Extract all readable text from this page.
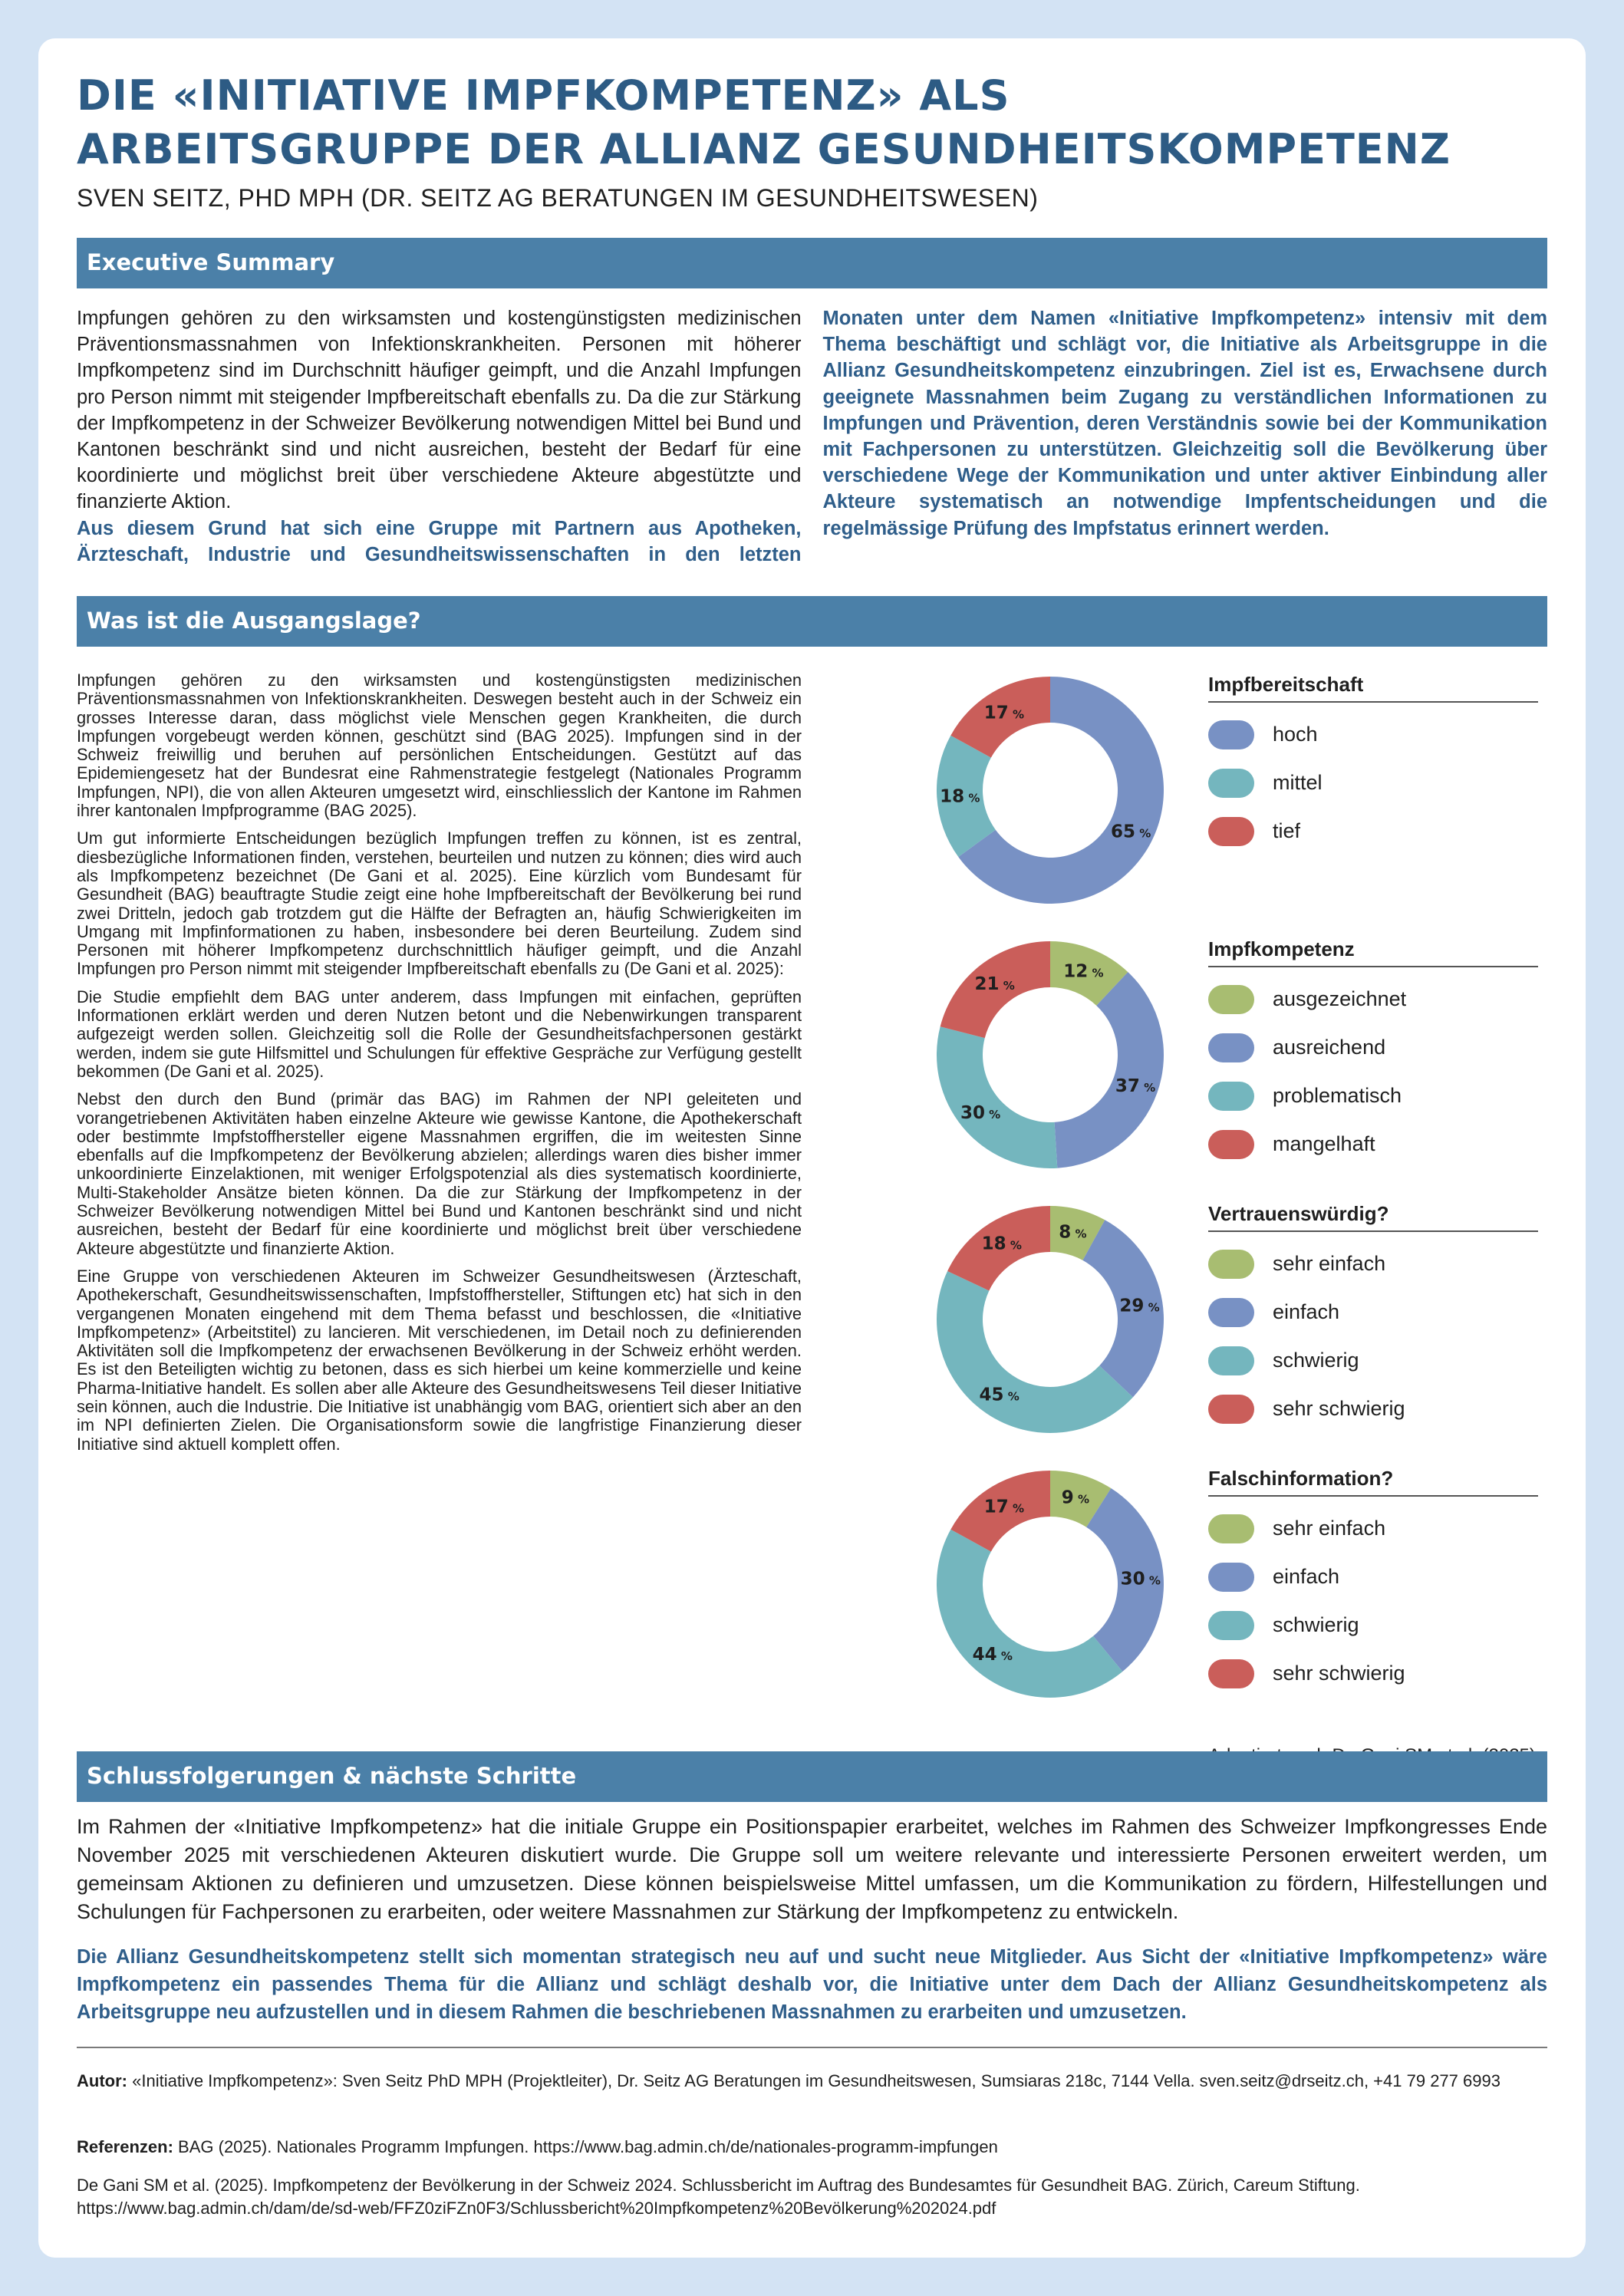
DIE «INITIATIVE IMPFKOMPETENZ» ALS
ARBEITSGRUPPE DER ALLIANZ GESUNDHEITSKOMPETENZ
SVEN SEITZ, PHD MPH (DR. SEITZ AG BERATUNGEN IM GESUNDHEITSWESEN)
Executive Summary
Impfungen gehören zu den wirksamsten und kostengünstigsten medizinischen Präventionsmassnahmen von Infektionskrankheiten. Personen mit höherer Impfkompetenz sind im Durchschnitt häufiger geimpft, und die Anzahl Impfungen pro Person nimmt mit steigender Impfbereitschaft ebenfalls zu. Da die zur Stärkung der Impfkompetenz in der Schweizer Bevölkerung notwendigen Mittel bei Bund und Kantonen beschränkt sind und nicht ausreichen, besteht der Bedarf für eine koordinierte und möglichst breit über verschiedene Akteure abgestützte und finanzierte Aktion.
Aus diesem Grund hat sich eine Gruppe mit Partnern aus Apotheken, Ärzteschaft, Industrie und Gesundheitswissenschaften in den letzten Monaten unter dem Namen «Initiative Impfkompetenz» intensiv mit dem Thema beschäftigt und schlägt vor, die Initiative als Arbeitsgruppe in die Allianz Gesundheitskompetenz einzubringen. Ziel ist es, Erwachsene durch geeignete Massnahmen beim Zugang zu verständlichen Informationen zu Impfungen und Prävention, deren Verständnis sowie bei der Kommunikation mit Fachpersonen zu unterstützen. Gleichzeitig soll die Bevölkerung über verschiedene Wege der Kommunikation und unter aktiver Einbindung aller Akteure systematisch an notwendige Impfentscheidungen und die regelmässige Prüfung des Impfstatus erinnert werden.
Was ist die Ausgangslage?

Impfungen gehören zu den wirksamsten und kostengünstigsten medizinischen Präventionsmassnahmen von Infektionskrankheiten. Deswegen besteht auch in der Schweiz ein grosses Interesse daran, dass möglichst viele Menschen gegen Krankheiten, die durch Impfungen vorgebeugt werden können, geschützt sind (BAG 2025). Impfungen sind in der Schweiz freiwillig und beruhen auf persönlichen Entscheidungen. Gestützt auf das Epidemiengesetz hat der Bundesrat eine Rahmenstrategie festgelegt (Nationales Programm Impfungen, NPI), die von allen Akteuren umgesetzt wird, einschliesslich der Kantone im Rahmen ihrer kantonalen Impfprogramme (BAG 2025).

Um gut informierte Entscheidungen bezüglich Impfungen treffen zu können, ist es zentral, diesbezügliche Informationen finden, verstehen, beurteilen und nutzen zu können; dies wird auch als Impfkompetenz bezeichnet (De Gani et al. 2025). Eine kürzlich vom Bundesamt für Gesundheit (BAG) beauftragte Studie zeigt eine hohe Impfbereitschaft der Bevölkerung bei rund zwei Dritteln, jedoch gab trotzdem gut die Hälfte der Befragten an, häufig Schwierigkeiten im Umgang mit Impfinformationen zu haben, insbesondere bei deren Beurteilung. Zudem sind Personen mit höherer Impfkompetenz durchschnittlich häufiger geimpft, und die Anzahl Impfungen pro Person nimmt mit steigender Impfbereitschaft ebenfalls zu (De Gani et al. 2025):

Die Studie empfiehlt dem BAG unter anderem, dass Impfungen mit einfachen, geprüften Informationen erklärt werden und deren Nutzen betont und die Nebenwirkungen transparent aufgezeigt werden sollen. Gleichzeitig soll die Rolle der Gesundheitsfachpersonen gestärkt werden, indem sie gute Hilfsmittel und Schulungen für effektive Gespräche zur Verfügung gestellt bekommen (De Gani et al. 2025).

Nebst den durch den Bund (primär das BAG) im Rahmen der NPI geleiteten und vorangetriebenen Aktivitäten haben einzelne Akteure wie gewisse Kantone, die Apothekerschaft oder bestimmte Impfstoffhersteller eigene Massnahmen ergriffen, die im weitesten Sinne ebenfalls auf die Impfkompetenz der Bevölkerung abzielen; allerdings waren dies bisher immer unkoordinierte Einzelaktionen, mit weniger Erfolgspotenzial als dies systematisch koordinierte, Multi-Stakeholder Ansätze bieten können. Da die zur Stärkung der Impfkompetenz in der Schweizer Bevölkerung notwendigen Mittel bei Bund und Kantonen beschränkt sind und nicht ausreichen, besteht der Bedarf für eine koordinierte und möglichst breit über verschiedene Akteure abgestützte und finanzierte Aktion.

Eine Gruppe von verschiedenen Akteuren im Schweizer Gesundheitswesen (Ärzteschaft, Apothekerschaft, Gesundheitswissenschaften, Impfstoffhersteller, Stiftungen etc) hat sich in den vergangenen Monaten eingehend mit dem Thema befasst und beschlossen, die «Initiative Impfkompetenz» (Arbeitstitel) zu lancieren. Mit verschiedenen, im Detail noch zu definierenden Aktivitäten soll die Impfkompetenz der erwachsenen Bevölkerung in der Schweiz erhöht werden. Es ist den Beteiligten wichtig zu betonen, dass es sich hierbei um keine kommerzielle und keine Pharma-Initiative handelt. Es sollen aber alle Akteure des Gesundheitswesens Teil dieser Initiative sein können, auch die Industrie. Die Initiative ist unabhängig vom BAG, orientiert sich aber an den im NPI definierten Zielen. Die Organisationsform sowie die langfristige Finanzierung dieser Initiative sind aktuell komplett offen.

65 %
18 %
17 %
12 %
37 %
30 %
21 %
8 %
29 %
45 %
18 %
9 %
30 %
44 %
17 %
Impfbereitschaft
hoch
mittel
tief
Impfkompetenz
ausgezeichnet
ausreichend
problematisch
mangelhaft
Vertrauenswürdig?
sehr einfach
einfach
schwierig
sehr schwierig
Falschinformation?
sehr einfach
einfach
schwierig
sehr schwierig
Schlussfolgerungen & nächste Schritte
Im Rahmen der «Initiative Impfkompetenz» hat die initiale Gruppe ein Positionspapier erarbeitet, welches im Rahmen des Schweizer Impfkongresses Ende November 2025 mit verschiedenen Akteuren diskutiert wurde. Die Gruppe soll um weitere relevante und interessierte Personen erweitert werden, um gemeinsam Aktionen zu definieren und umzusetzen. Diese können beispielsweise Mittel umfassen, um die Kommunikation zu fördern, Hilfestellungen und Schulungen für Fachpersonen zu erarbeiten, oder weitere Massnahmen zur Stärkung der Impfkompetenz zu entwickeln.
Die Allianz Gesundheitskompetenz stellt sich momentan strategisch neu auf und sucht neue Mitglieder. Aus Sicht der «Initiative Impfkompetenz» wäre Impfkompetenz ein passendes Thema für die Allianz und schlägt deshalb vor, die Initiative unter dem Dach der Allianz Gesundheitskompetenz als Arbeitsgruppe neu aufzustellen und in diesem Rahmen die beschriebenen Massnahmen zu erarbeiten und umzusetzen.
Autor: «Initiative Impfkompetenz»: Sven Seitz PhD MPH (Projektleiter), Dr. Seitz AG Beratungen im Gesundheitswesen, Sumsiaras 218c, 7144 Vella. sven.seitz@drseitz.ch, +41 79 277 6993
Referenzen: BAG (2025). Nationales Programm Impfungen. https://www.bag.admin.ch/de/nationales-programm-impfungen
De Gani SM et al. (2025). Impfkompetenz der Bevölkerung in der Schweiz 2024. Schlussbericht im Auftrag des Bundesamtes für Gesundheit BAG. Zürich, Careum Stiftung. https://www.bag.admin.ch/dam/de/sd-web/FFZ0ziFZn0F3/Schlussbericht%20Impfkompetenz%20Bevölkerung%202024.pdf
